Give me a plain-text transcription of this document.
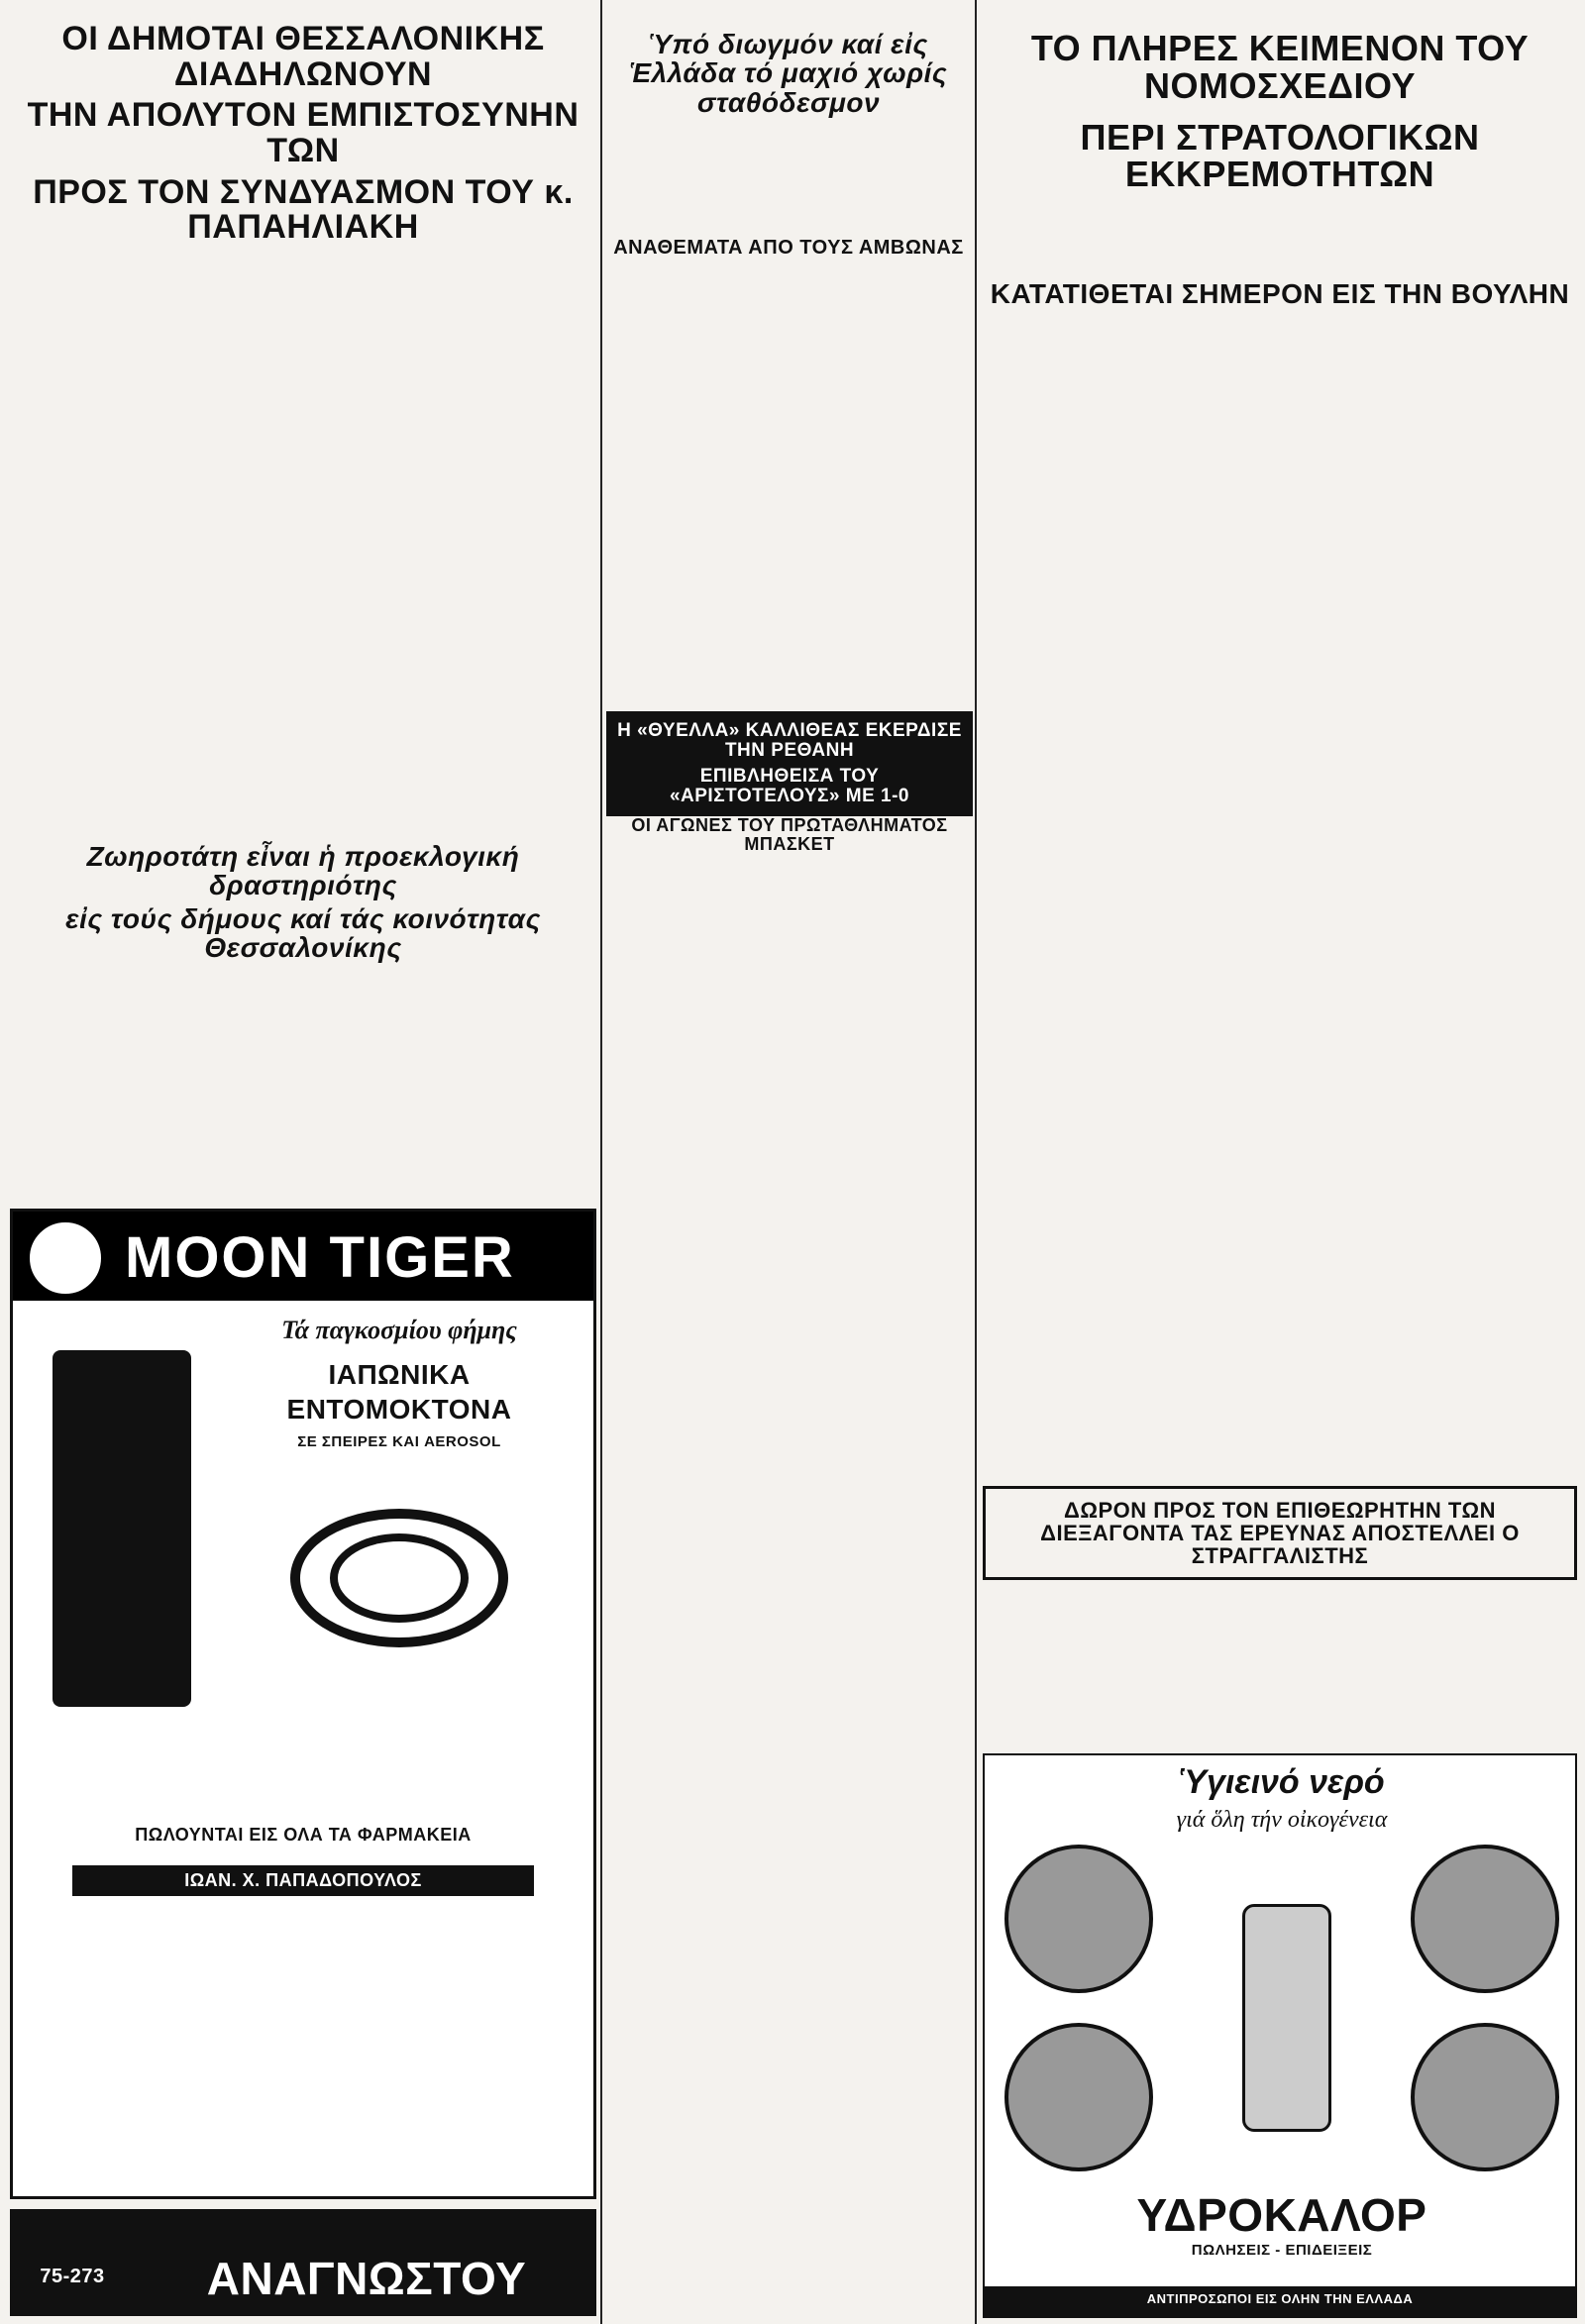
ΟΙ ΔΗΜΟΤΑΙ ΘΕΣΣΑΛΟΝΙΚΗΣ ΔΙΑΔΗΛΩΝΟΥΝ

ΤΗΝ ΑΠΟΛΥΤΟΝ ΕΜΠΙΣΤΟΣΥΝΗΝ ΤΩΝ

ΠΡΟΣ ΤΟΝ ΣΥΝΔΥΑΣΜΟΝ ΤΟΥ κ. ΠΑΠΑΗΛΙΑΚΗ

Ὑπό διωγμόν καί εἰς Ἑλλάδα τό μαχιό χωρίς σταθόδεσμον

ΑΝΑΘΕΜΑΤΑ ΑΠΟ ΤΟΥΣ ΑΜΒΩΝΑΣ

ΤΟ ΠΛΗΡΕΣ ΚΕΙΜΕΝΟΝ ΤΟΥ ΝΟΜΟΣΧΕΔΙΟΥ

ΠΕΡΙ ΣΤΡΑΤΟΛΟΓΙΚΩΝ ΕΚΚΡΕΜΟΤΗΤΩΝ

ΚΑΤΑΤΙΘΕΤΑΙ ΣΗΜΕΡΟΝ ΕΙΣ ΤΗΝ ΒΟΥΛΗΝ

Ζωηροτάτη εἶναι ἡ προεκλογική δραστηριότης

εἰς τούς δήμους καί τάς κοινότητας Θεσσαλονίκης

Η «ΘΥΕΛΛΑ» ΚΑΛΛΙΘΕΑΣ ΕΚΕΡΔΙΣΕ ΤΗΝ ΡΕΘΑΝΗ

ΕΠΙΒΛΗΘΕΙΣΑ ΤΟΥ «ΑΡΙΣΤΟΤΕΛΟΥΣ» ΜΕ 1-0

ΟΙ ΑΓΩΝΕΣ ΤΟΥ ΠΡΩΤΑΘΛΗΜΑΤΟΣ ΜΠΑΣΚΕΤ

ΔΩΡΟΝ ΠΡΟΣ ΤΟΝ ΕΠΙΘΕΩΡΗΤΗΝ ΤΩΝ ΔΙΕΞΑΓΟΝΤΑ ΤΑΣ ΕΡΕΥΝΑΣ ΑΠΟΣΤΕΛΛΕΙ Ο ΣΤΡΑΓΓΑΛΙΣΤΗΣ

MOON TIGER

Τά παγκοσμίου φήμης

ΙΑΠΩΝΙΚΑ

ΕΝΤΟΜΟΚΤΟΝΑ

ΣΕ ΣΠΕΙΡΕΣ ΚΑΙ AEROSOL

ΠΩΛΟΥΝΤΑΙ ΕΙΣ ΟΛΑ ΤΑ ΦΑΡΜΑΚΕΙΑ

ΙΩΑΝ. Χ. ΠΑΠΑΔΟΠΟΥΛΟΣ

75-273	ΑΝΑΓΝΩΣΤΟΥ

Ὑγιεινό νερό

γιά ὅλη τήν οἰκογένεια

ΥΔΡΟΚΑΛΟΡ

ΠΩΛΗΣΕΙΣ - ΕΠΙΔΕΙΞΕΙΣ

ΑΝΤΙΠΡΟΣΩΠΟΙ ΕΙΣ ΟΛΗΝ ΤΗΝ ΕΛΛΑΔΑ
